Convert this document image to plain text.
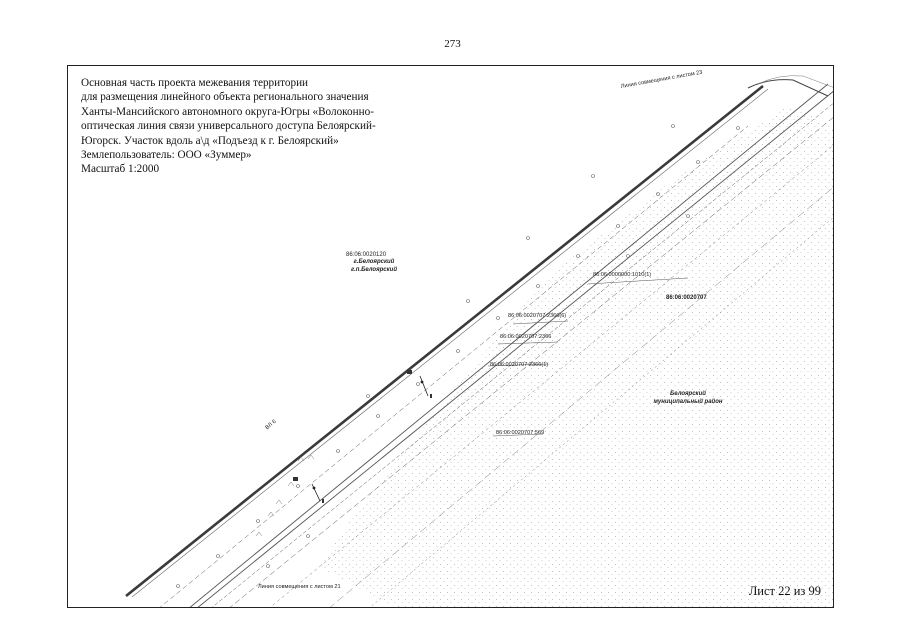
273
Основная часть проекта межевания территории
для размещения линейного объекта регионального значения
Ханты-Мансийского автономного округа-Югры «Волоконно-
оптическая линия связи универсального доступа Белоярский-
Югорск. Участок вдоль а\д «Подъезд к г. Белоярский»
Землепользователь: ООО «Зуммер»
Масштаб 1:2000
Линия совмещения с листом 23
Линия совмещения с листом 21
86:06:0020120
г.Белоярский
г.п.Белоярский
86:06:0000000:1010(1)
86:06:0020707
86:06:0020707:2366(6)
86:06:0020707:2366
86:06:0020707:2366(1)
86:06:0020707:569
Белоярский
муниципальный район
ВЛ 6
Лист 22 из 99
